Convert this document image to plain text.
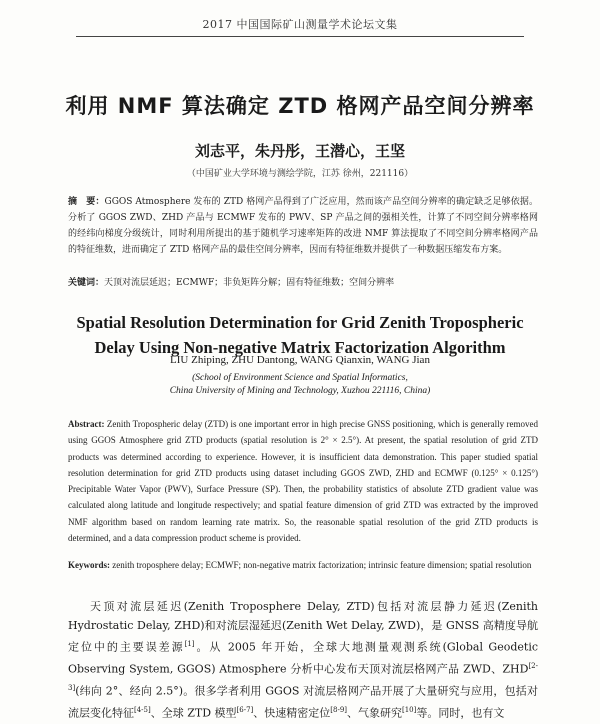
2017 中国国际矿山测量学术论坛文集
利用 NMF 算法确定 ZTD 格网产品空间分辨率
刘志平，朱丹彤，王潜心，王坚
（中国矿业大学环境与测绘学院，江苏 徐州，221116）
摘　要：GGOS Atmosphere 发布的 ZTD 格网产品得到了广泛应用，然而该产品空间分辨率的确定缺乏足够依据。分析了 GGOS ZWD、ZHD 产品与 ECMWF 发布的 PWV、SP 产品之间的强相关性，计算了不同空间分辨率格网的经纬向梯度分级统计，同时利用所提出的基于随机学习速率矩阵的改进 NMF 算法提取了不同空间分辨率格网产品的特征维数，进而确定了 ZTD 格网产品的最佳空间分辨率，因而有特征维数并提供了一种数据压缩发布方案。
关键词：天顶对流层延迟；ECMWF；非负矩阵分解；固有特征维数；空间分辨率
Spatial Resolution Determination for Grid Zenith Tropospheric
Delay Using Non-negative Matrix Factorization Algorithm
LIU Zhiping, ZHU Dantong, WANG Qianxin, WANG Jian
(School of Environment Science and Spatial Informatics,
China University of Mining and Technology, Xuzhou 221116, China)
Abstract: Zenith Tropospheric delay (ZTD) is one important error in high precise GNSS positioning, which is generally removed using GGOS Atmosphere grid ZTD products (spatial resolution is 2° × 2.5°). At present, the spatial resolution of grid ZTD products was determined according to experience. However, it is insufficient data demonstration. This paper studied spatial resolution determination for grid ZTD products using dataset including GGOS ZWD, ZHD and ECMWF (0.125° × 0.125°) Precipitable Water Vapor (PWV), Surface Pressure (SP). Then, the probability statistics of absolute ZTD gradient value was calculated along latitude and longitude respectively; and spatial feature dimension of grid ZTD was extracted by the improved NMF algorithm based on random learning rate matrix. So, the reasonable spatial resolution of the grid ZTD products is determined, and a data compression product scheme is provided.
Keywords: zenith troposphere delay; ECMWF; non-negative matrix factorization; intrinsic feature dimension; spatial resolution
天顶对流层延迟(Zenith Troposphere Delay, ZTD)包括对流层静力延迟(Zenith Hydrostatic Delay, ZHD)和对流层湿延迟(Zenith Wet Delay, ZWD)，是 GNSS 高精度导航定位中的主要误差源[1]。从 2005 年开始，全球大地测量观测系统(Global Geodetic Observing System, GGOS) Atmosphere 分析中心发布天顶对流层格网产品 ZWD、ZHD[2-3](纬向 2°、经向 2.5°)。很多学者利用 GGOS 对流层格网产品开展了大量研究与应用，包括对流层变化特征[4-5]、全球 ZTD 模型[6-7]、快速精密定位[8-9]、气象研究[10]等。同时，也有文
